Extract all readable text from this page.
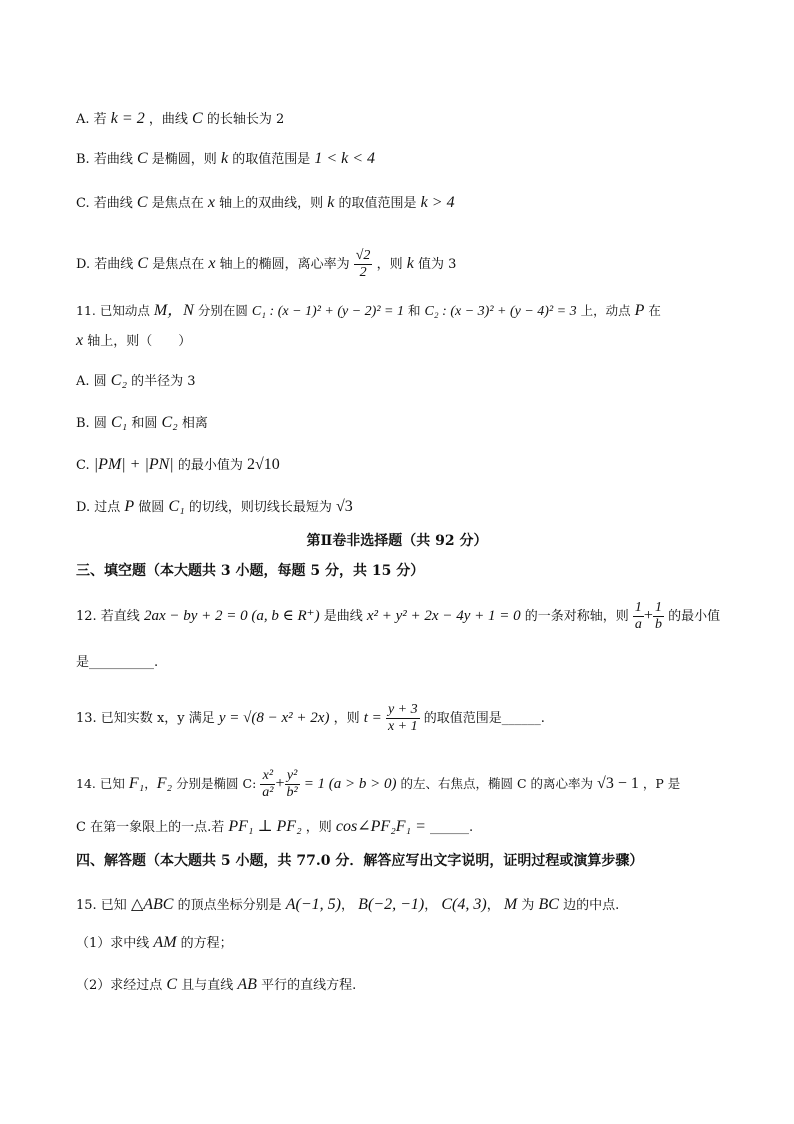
A. 若 k = 2 ，曲线 C 的长轴长为 2
B. 若曲线 C 是椭圆，则 k 的取值范围是 1 < k < 4
C. 若曲线 C 是焦点在 x 轴上的双曲线，则 k 的取值范围是 k > 4
D. 若曲线 C 是焦点在 x 轴上的椭圆，离心率为 $\frac{√2}{2}$ ，则 k 值为 3
11. 已知动点 M，N 分别在圆 C₁ : (x − 1)² + (y − 2)² = 1 和 C₂ : (x − 3)² + (y − 4)² = 3 上，动点 P 在
x 轴上，则（　　）
A. 圆 C₂ 的半径为 3
B. 圆 C₁ 和圆 C₂ 相离
C. |PM| + |PN| 的最小值为 2√10
D. 过点 P 做圆 C₁ 的切线，则切线长最短为 √3
第Ⅱ卷非选择题（共 92 分）
三、填空题（本大题共 3 小题，每题 5 分，共 15 分）
12. 若直线 2ax − by + 2 = 0 (a, b ∈ R⁺) 是曲线 x² + y² + 2x − 4y + 1 = 0 的一条对称轴，则 $\frac{1}{a} + \frac{1}{b}$ 的最小值
是__________.
13. 已知实数 x，y 满足 y = √(8 − x² + 2x) ，则 $t = \frac{y + 3}{x + 1}$ 的取值范围是______.
14. 已知 F₁，F₂ 分别是椭圆 C: $\frac{\text{x²}}{\text{a²}} + \frac{\text{y²}}{\text{b²}} = 1$ (a > b > 0) 的左、右焦点，椭圆 C 的离心率为 √3 − 1 ，P 是
C 在第一象限上的一点.若 PF₁ ⊥ PF₂ ，则 cos∠PF₂F₁ = ______.
四、解答题（本大题共 5 小题，共 77.0 分．解答应写出文字说明，证明过程或演算步骤）
15. 已知 △ABC 的顶点坐标分别是 A(−1, 5)， B(−2, −1)， C(4, 3)， M 为 BC 边的中点.
（1）求中线 AM 的方程；
（2）求经过点 C 且与直线 AB 平行的直线方程.
